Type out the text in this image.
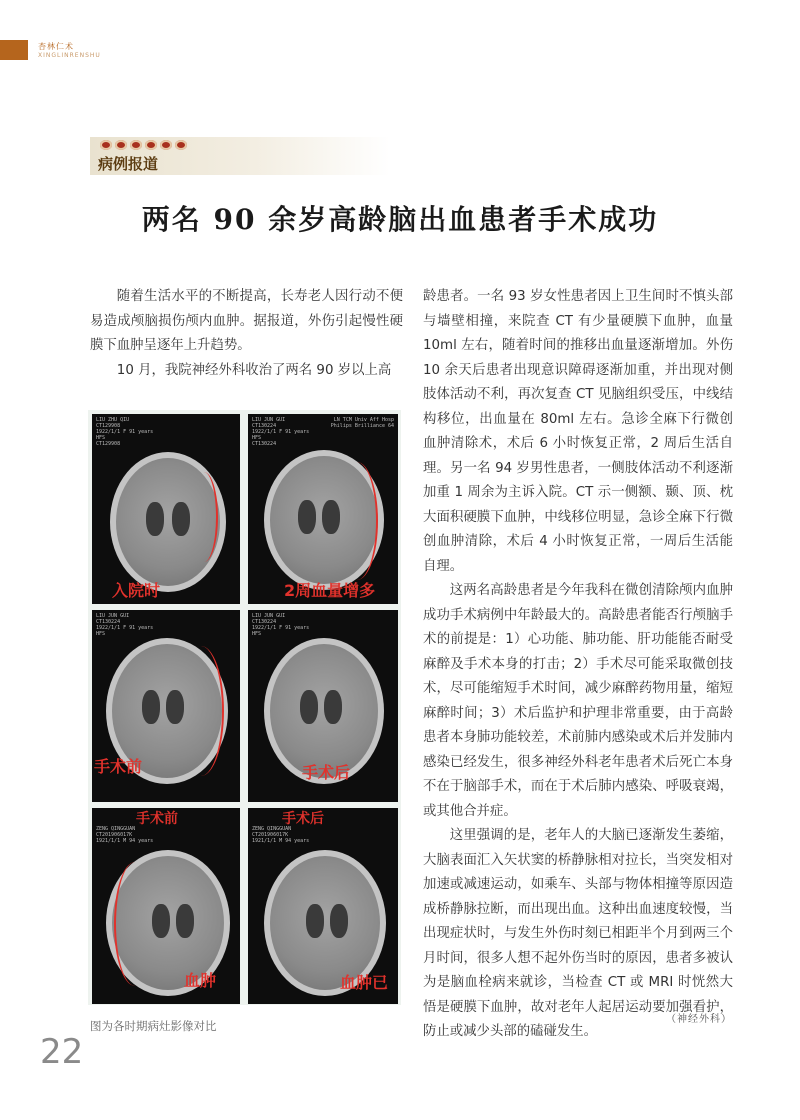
杏林仁术
XINGLINRENSHU
病例报道
两名 90 余岁高龄脑出血患者手术成功

随着生活水平的不断提高，长寿老人因行动不便易造成颅脑损伤颅内血肿。据报道，外伤引起慢性硬膜下血肿呈逐年上升趋势。

10 月，我院神经外科收治了两名 90 岁以上高

LIU ZHU QIU
CT129908
1922/1/1 F 91 years
HFS
CT129908
入院时
LIU JUN GUI
CT130224
1922/1/1 F 91 years
HFS
CT130224
LN TCM Univ Aff Hosp
Philips Brilliance 64
2周血量增多
LIU JUN GUI
CT130224
1922/1/1 F 91 years
HFS
手术前
LIU JUN GUI
CT130224
1922/1/1 F 91 years
HFS
手术后
手术前
ZENG QINGGUAN
CT201906017K
1921/1/1 M 94 years
血肿
手术后
ZENG QINGGUAN
CT201906017K
1921/1/1 M 94 years
血肿已

龄患者。一名 93 岁女性患者因上卫生间时不慎头部与墙壁相撞，来院查 CT 有少量硬膜下血肿，血量 10ml 左右，随着时间的推移出血量逐渐增加。外伤 10 余天后患者出现意识障碍逐渐加重，并出现对侧肢体活动不利，再次复查 CT 见脑组织受压，中线结构移位，出血量在 80ml 左右。急诊全麻下行微创血肿清除术，术后 6 小时恢复正常，2 周后生活自理。另一名 94 岁男性患者，一侧肢体活动不利逐渐加重 1 周余为主诉入院。CT 示一侧额、颞、顶、枕大面积硬膜下血肿，中线移位明显，急诊全麻下行微创血肿清除，术后 4 小时恢复正常，一周后生活能自理。

这两名高龄患者是今年我科在微创清除颅内血肿成功手术病例中年龄最大的。高龄患者能否行颅脑手术的前提是：1）心功能、肺功能、肝功能能否耐受麻醉及手术本身的打击；2）手术尽可能采取微创技术，尽可能缩短手术时间，减少麻醉药物用量，缩短麻醉时间；3）术后监护和护理非常重要，由于高龄患者本身肺功能较差，术前肺内感染或术后并发肺内感染已经发生，很多神经外科老年患者术后死亡本身不在于脑部手术，而在于术后肺内感染、呼吸衰竭，或其他合并症。

这里强调的是，老年人的大脑已逐渐发生萎缩，大脑表面汇入矢状窦的桥静脉相对拉长，当突发相对加速或减速运动，如乘车、头部与物体相撞等原因造成桥静脉拉断，而出现出血。这种出血速度较慢，当出现症状时，与发生外伤时刻已相距半个月到两三个月时间，很多人想不起外伤当时的原因，患者多被认为是脑血栓病来就诊，当检查 CT 或 MRI 时恍然大悟是硬膜下血肿，故对老年人起居运动要加强看护，防止或减少头部的磕碰发生。

（神经外科）
图为各时期病灶影像对比
22
